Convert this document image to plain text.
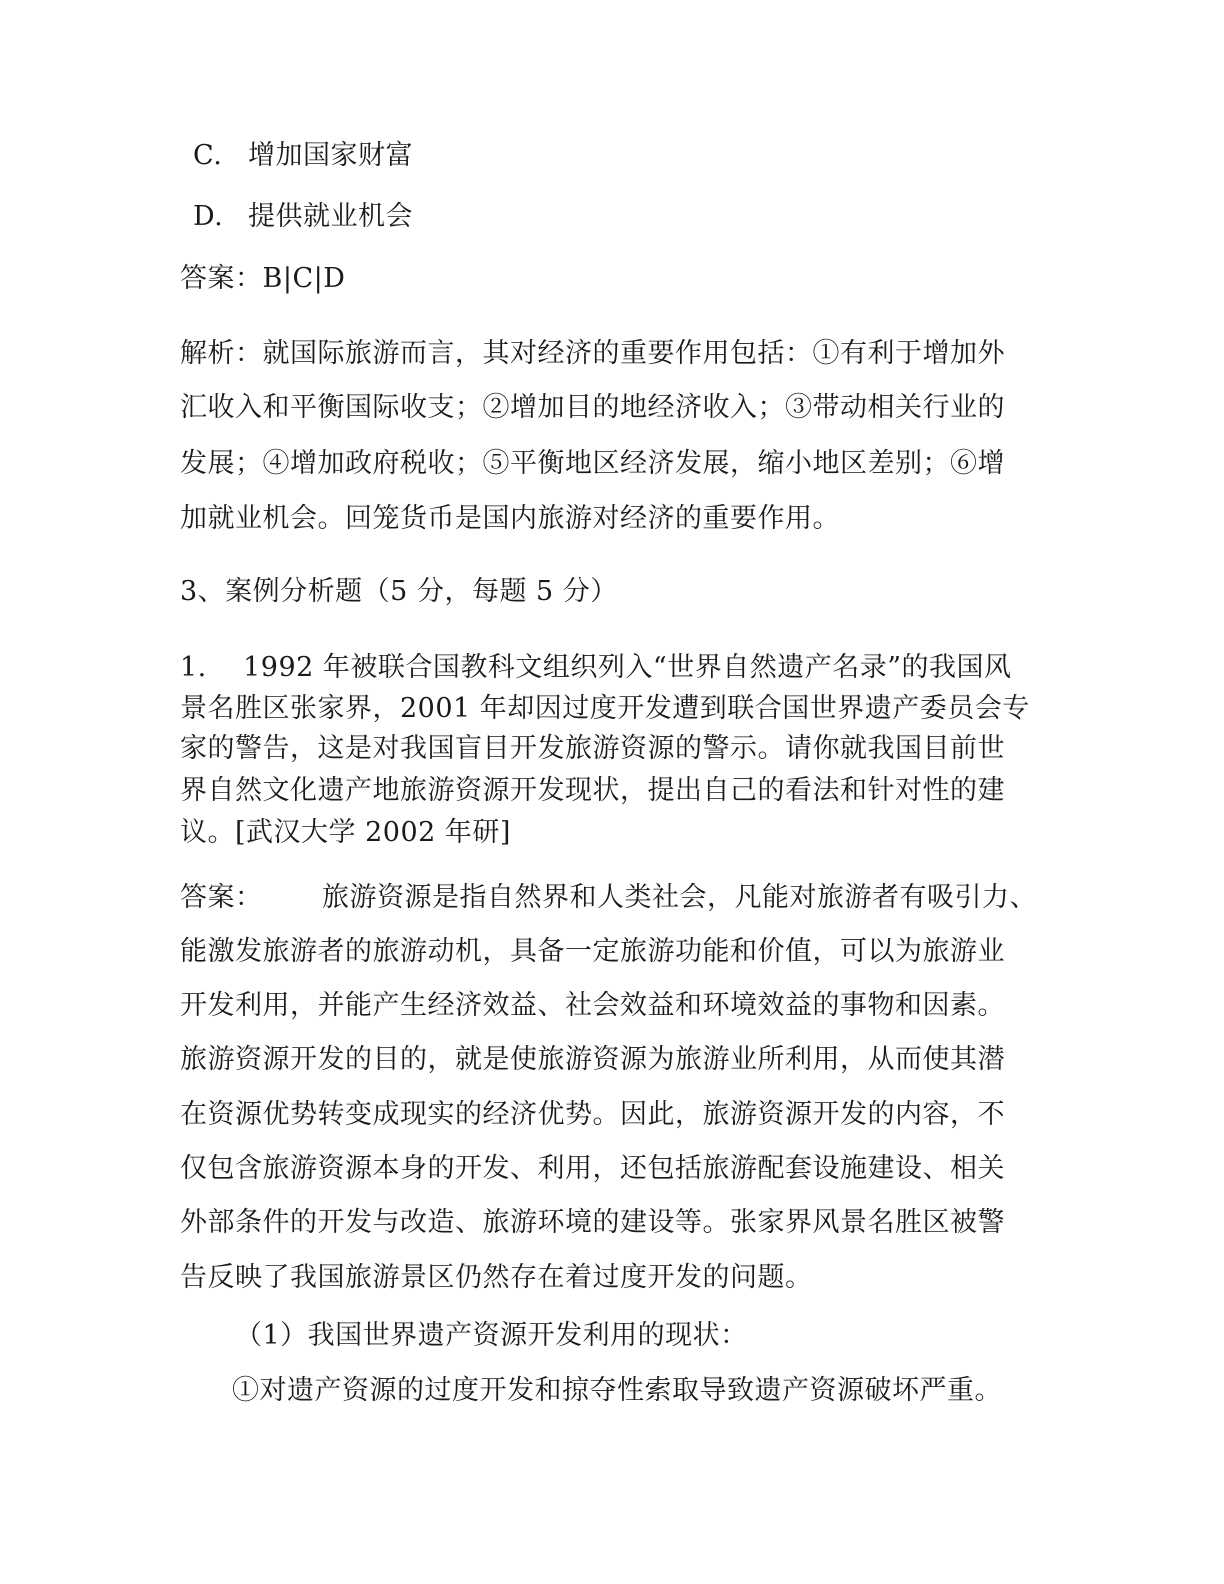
C. 增加国家财富
D. 提供就业机会
答案：B|C|D
解析：就国际旅游而言，其对经济的重要作用包括：①有利于增加外
汇收入和平衡国际收支；②增加目的地经济收入；③带动相关行业的
发展；④增加政府税收；⑤平衡地区经济发展，缩小地区差别；⑥增
加就业机会。回笼货币是国内旅游对经济的重要作用。
3、案例分析题（5 分，每题 5 分）
1.    1992 年被联合国教科文组织列入“世界自然遗产名录”的我国风
景名胜区张家界，2001 年却因过度开发遭到联合国世界遗产委员会专
家的警告，这是对我国盲目开发旅游资源的警示。请你就我国目前世
界自然文化遗产地旅游资源开发现状，提出自己的看法和针对性的建
议。[武汉大学 2002 年研]
答案： 旅游资源是指自然界和人类社会，凡能对旅游者有吸引力、
能激发旅游者的旅游动机，具备一定旅游功能和价值，可以为旅游业
开发利用，并能产生经济效益、社会效益和环境效益的事物和因素。
旅游资源开发的目的，就是使旅游资源为旅游业所利用，从而使其潜
在资源优势转变成现实的经济优势。因此，旅游资源开发的内容，不
仅包含旅游资源本身的开发、利用，还包括旅游配套设施建设、相关
外部条件的开发与改造、旅游环境的建设等。张家界风景名胜区被警
告反映了我国旅游景区仍然存在着过度开发的问题。
（1）我国世界遗产资源开发利用的现状：
①对遗产资源的过度开发和掠夺性索取导致遗产资源破坏严重。
